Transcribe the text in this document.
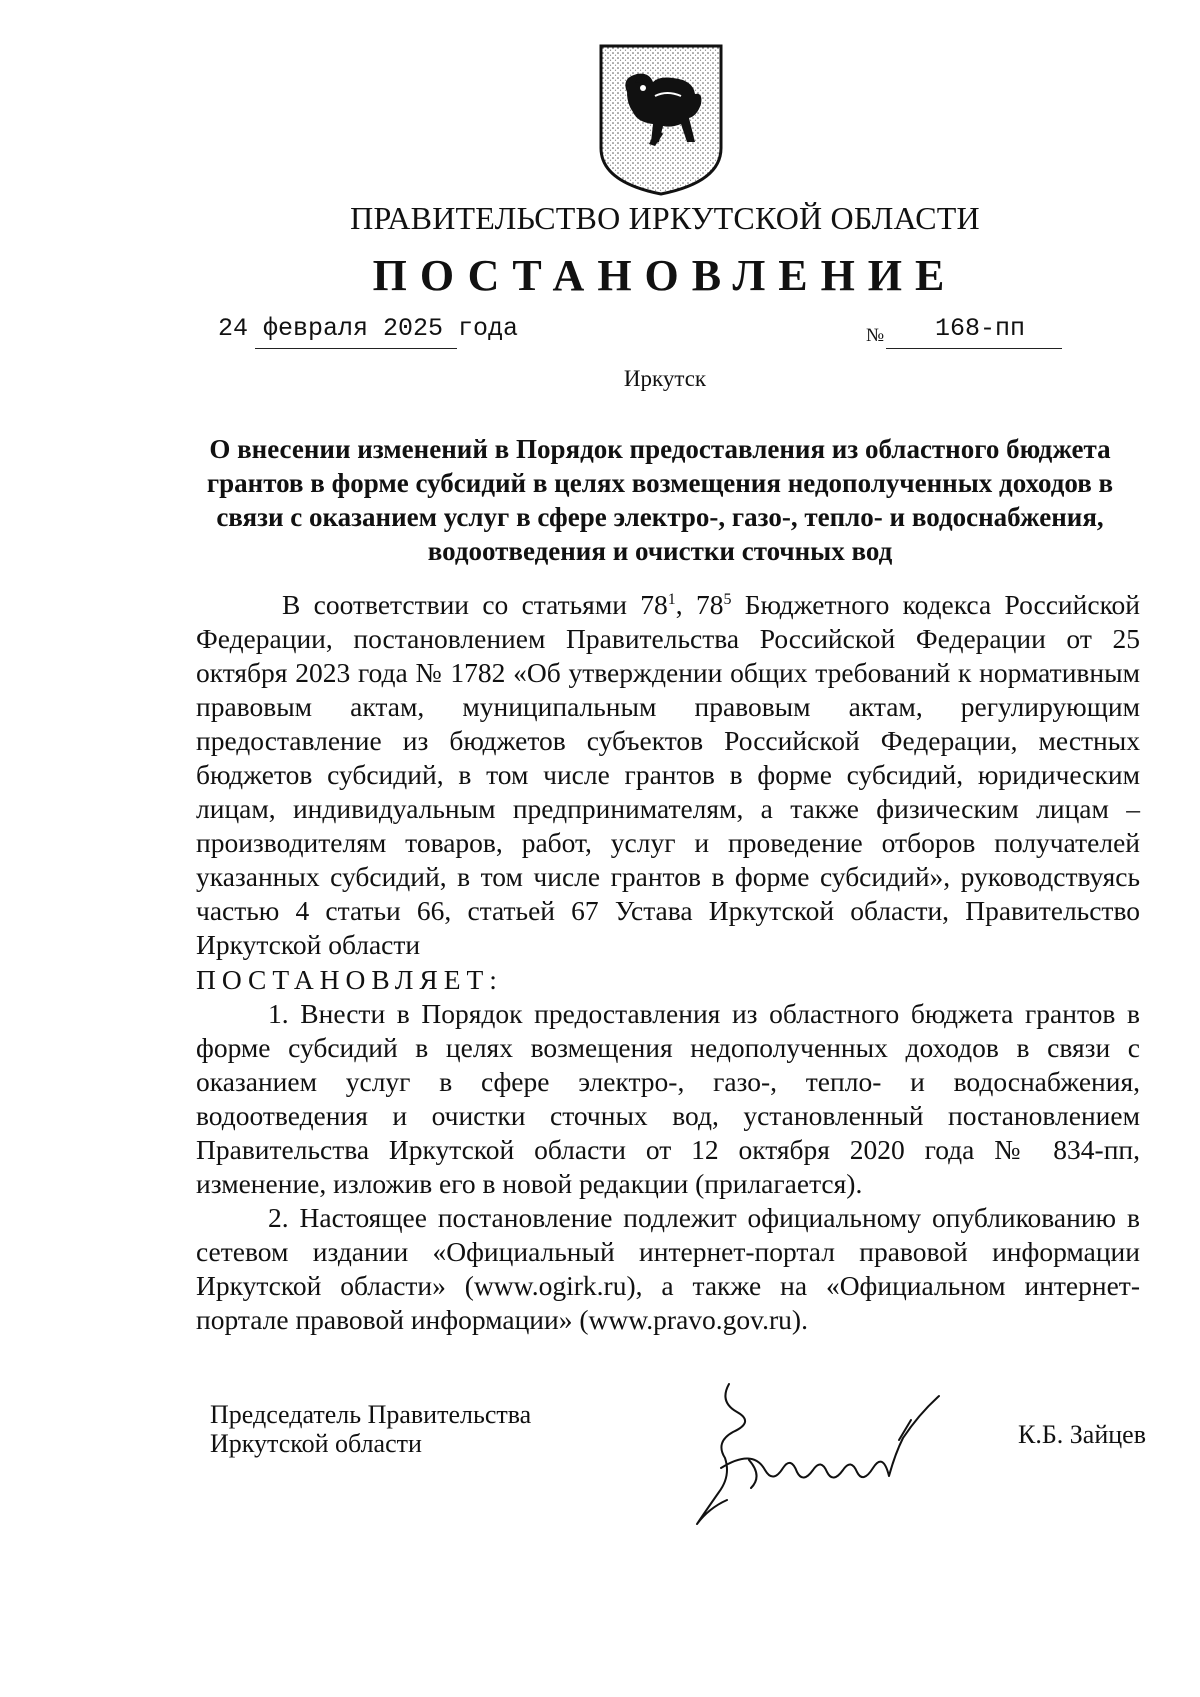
ПРАВИТЕЛЬСТВО ИРКУТСКОЙ ОБЛАСТИ
ПОСТАНОВЛЕНИЕ
24 февраля 2025 года	№ 168-пп
Иркутск
О внесении изменений в Порядок предоставления из областного бюджета грантов в форме субсидий в целях возмещения недополученных доходов в связи с оказанием услуг в сфере электро-, газо-, тепло- и водоснабжения, водоотведения и очистки сточных вод
В соответствии со статьями $78^1$, $78^5$ Бюджетного кодекса Российской Федерации, постановлением Правительства Российской Федерации от 25 октября 2023 года № 1782 «Об утверждении общих требований к нормативным правовым актам, муниципальным правовым актам, регулирующим предоставление из бюджетов субъектов Российской Федерации, местных бюджетов субсидий, в том числе грантов в форме субсидий, юридическим лицам, индивидуальным предпринимателям, а также физическим лицам – производителям товаров, работ, услуг и проведение отборов получателей указанных субсидий, в том числе грантов в форме субсидий», руководствуясь частью 4 статьи 66, статьей 67 Устава Иркутской области, Правительство Иркутской области
ПОСТАНОВЛЯЕТ:
1. Внести в Порядок предоставления из областного бюджета грантов в форме субсидий в целях возмещения недополученных доходов в связи с оказанием услуг в сфере электро-, газо-, тепло- и водоснабжения, водоотведения и очистки сточных вод, установленный постановлением Правительства Иркутской области от 12 октября 2020 года № 834-пп, изменение, изложив его в новой редакции (прилагается).
2. Настоящее постановление подлежит официальному опубликованию в сетевом издании «Официальный интернет-портал правовой информации Иркутской области» (www.ogirk.ru), а также на «Официальном интернет-портале правовой информации» (www.pravo.gov.ru).
Председатель Правительства
Иркутской области	К.Б. Зайцев
